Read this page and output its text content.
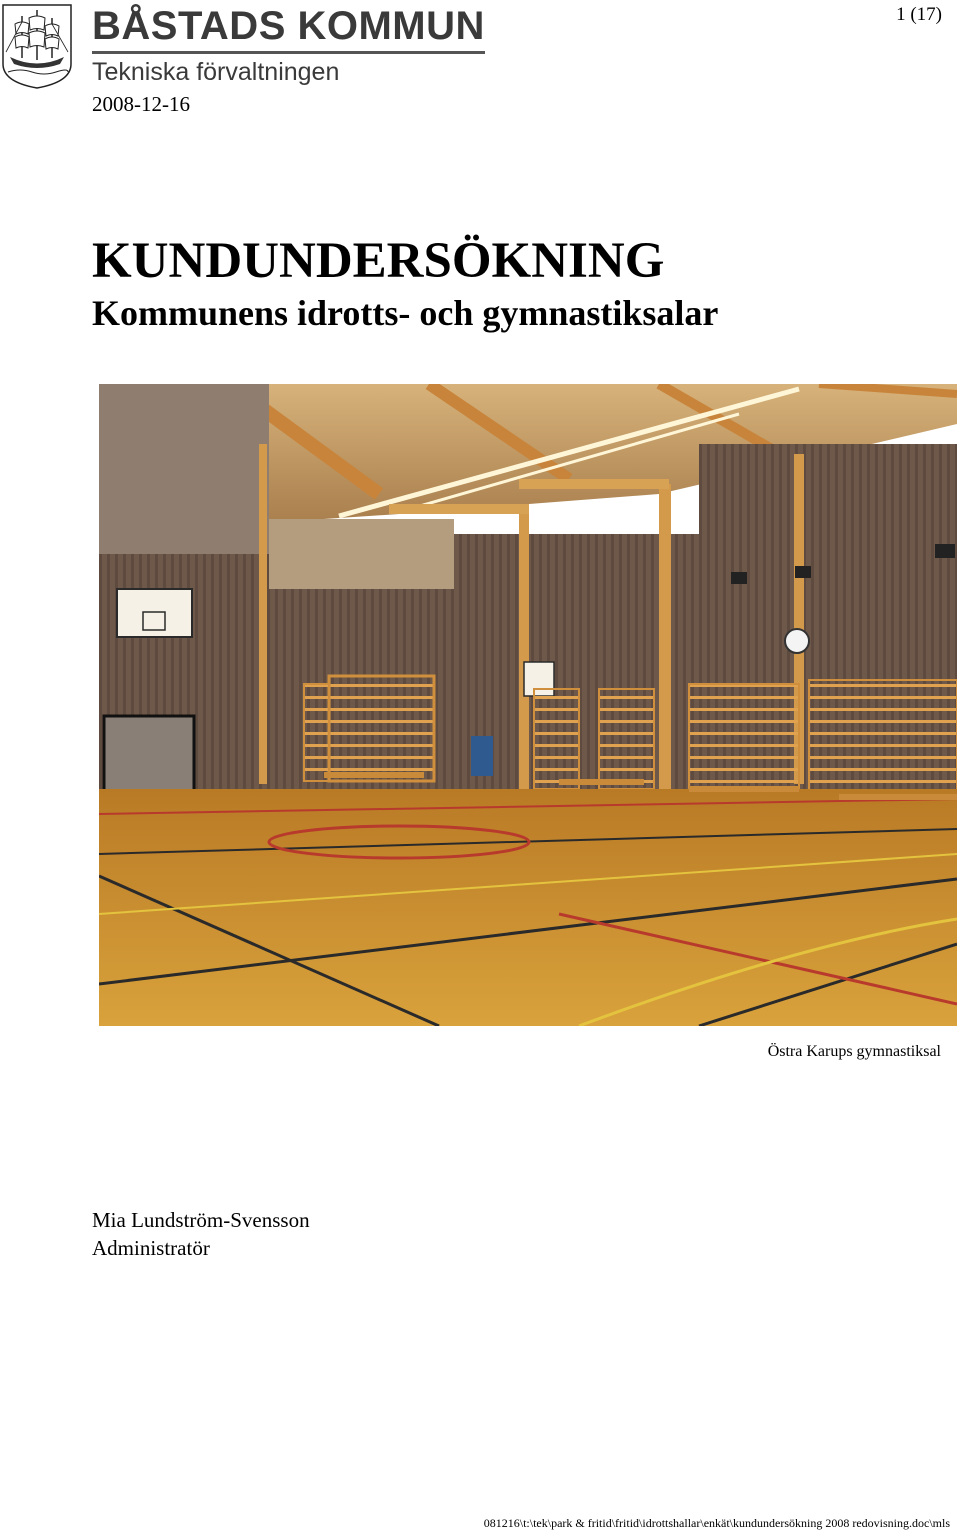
BÅSTADS KOMMUN
Tekniska förvaltningen
1 (17)
2008-12-16
KUNDUNDERSÖKNING
Kommunens idrotts- och gymnastiksalar
Östra Karups gymnastiksal
Mia Lundström-Svensson
Administratör
081216\t:\tek\park & fritid\fritid\idrottshallar\enkät\kundundersökning 2008 redovisning.doc\mls
